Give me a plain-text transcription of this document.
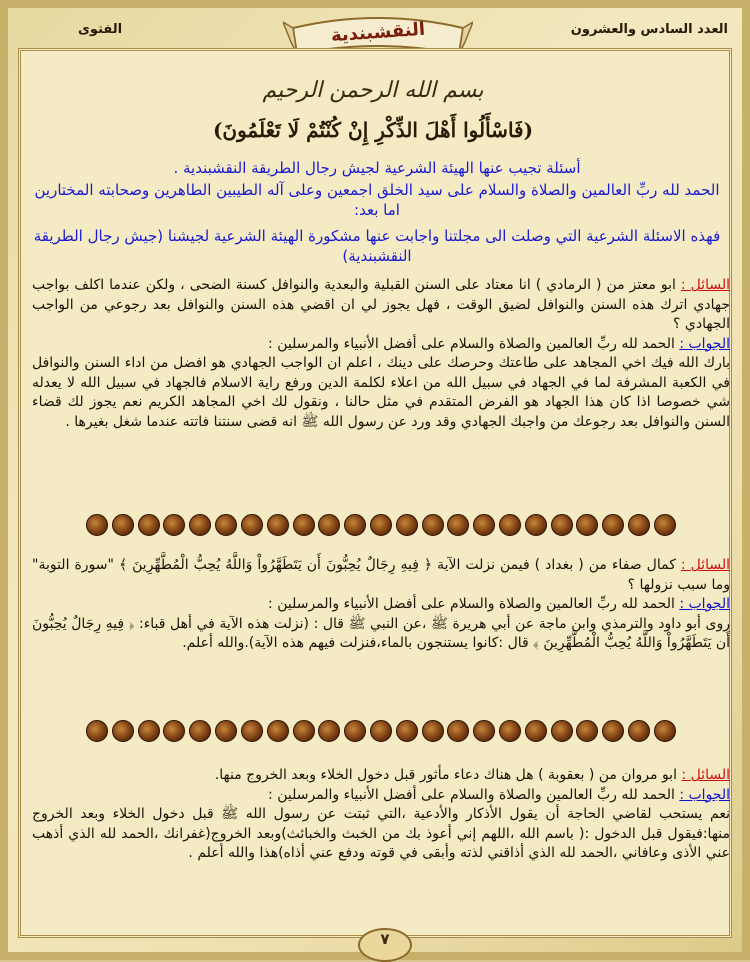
العدد السادس والعشرون
الفتوى	النقشبندية
بسم الله الرحمن الرحيم
(فَاسْأَلُوا أَهْلَ الذِّكْرِ إِنْ كُنْتُمْ لَا تَعْلَمُونَ)
أسئلة تجيب عنها الهيئة الشرعية لجيش رجال الطريقة النقشبندية .
الحمد لله ربِّ العالمين والصلاة والسلام على سيد الخلق اجمعين وعلى آله الطيبين الطاهرين وصحابته المختارين اما بعد:
فهذه الاسئلة الشرعية التي وصلت الى مجلتنا واجابت عنها مشكورة الهيئة الشرعية لجيشنا (جيش رجال الطريقة النقشبندية)
السائل : ابو معتز من ( الرمادي ) انا معتاد على السنن القبلية والبعدية والنوافل كسنة الضحى ، ولكن عندما اكلف بواجب جهادي اترك هذه السنن والنوافل لضيق الوقت ، فهل يجوز لي ان اقضي هذه السنن والنوافل بعد رجوعي من الواجب الجهادي ؟
الجواب : الحمد لله ربِّ العالمين والصلاة والسلام على أفضل الأنبياء والمرسلين :
بارك الله فيك اخي المجاهد على طاعتك وحرصك على دينك ، اعلم ان الواجب الجهادي هو افضل من اداء السنن والنوافل في الكعبة المشرفة لما في الجهاد في سبيل الله من اعلاء لكلمة الدين ورفع راية الاسلام فالجهاد في سبيل الله لا يعدله شي خصوصا اذا كان هذا الجهاد هو الفرض المتقدم في مثل حالنا ، ونقول لك اخي المجاهد الكريم نعم يجوز لك قضاء السنن والنوافل بعد رجوعك من واجبك الجهادي وقد ورد عن رسول الله ﷺ انه قضى سنتنا فاتته عندما شغل بغيرها .
السائل : كمال صفاء من ( بغداد ) فيمن نزلت الآية ﴿ فِيهِ رِجَالٌ يُحِبُّونَ أَن يَتَطَهَّرُواْ وَاللَّهُ يُحِبُّ الْمُطَّهِّرِينَ ﴾ "سورة التوبة" وما سبب نزولها ؟
الجواب : الحمد لله ربِّ العالمين والصلاة والسلام على أفضل الأنبياء والمرسلين :
روى أبو داود والترمذي وابن ماجة عن أبي هريرة ﷺ ،عن النبي ﷺ قال : (نزلت هذه الآية في أهل قباء: ﴿ فِيهِ رِجَالٌ يُحِبُّونَ أَن يَتَطَهَّرُواْ وَاللَّهُ يُحِبُّ الْمُطَّهِّرِينَ ﴾ قال :كانوا يستنجون بالماء،فنزلت فيهم هذه الآية).والله أعلم.
السائل : ابو مروان من ( بعقوبة ) هل هناك دعاء مأثور قبل دخول الخلاء وبعد الخروج منها.
الجواب : الحمد لله ربِّ العالمين والصلاة والسلام على أفضل الأنبياء والمرسلين :
نعم يستحب لقاضي الحاجة أن يقول الأذكار والأدعية ،التي ثبتت عن رسول الله ﷺ قبل دخول الخلاء وبعد الخروج منها:فيقول قبل الدخول :( باسم الله ،اللهم إني أعوذ بك من الخبث والخبائث)وبعد الخروج(غفرانك ،الحمد لله الذي أذهب عني الأذى وعافاني ،الحمد لله الذي أذاقني لذته وأبقى في قوته ودفع عني أذاه)هذا والله أعلم .
٧
